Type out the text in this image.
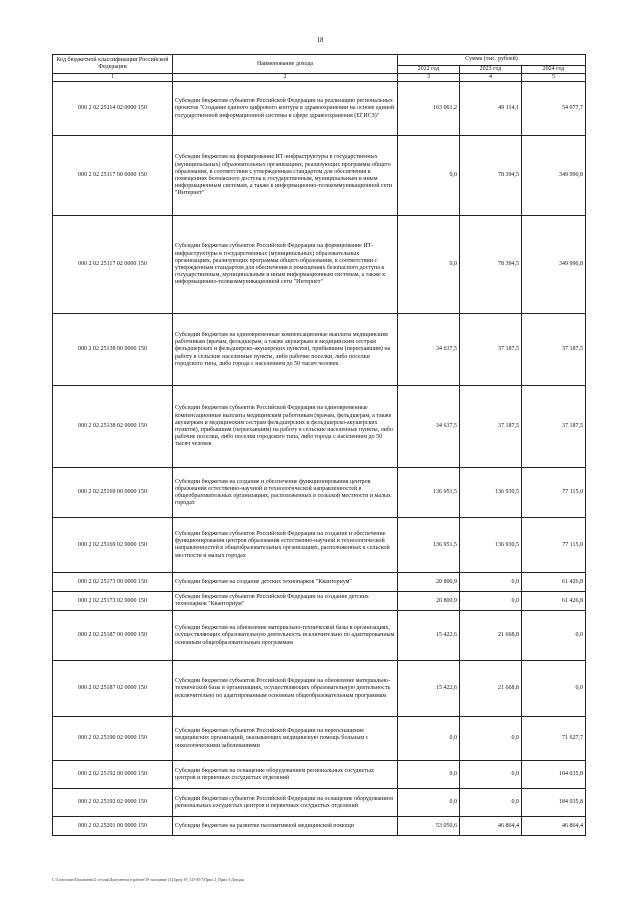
18
Код бюджетной классификации Российской Федерации	Наименование дохода	Сумма (тыс. рублей)		
		2022 год	2023 год	2024 год
1	2	3	4	5
000 2 02 25114 02 0000 150	Субсидии бюджетам субъектов Российской Федерации на реализацию региональных проектов "Создание единого цифрового контура в здравоохранении на основе единой государственной информационной системы в сфере здравоохранения (ЕГИСЗ)"	163 061,2	49 114,1	54 077,7
000 2 02 25117 00 0000 150	Субсидии бюджетам на формирование ИТ-инфраструктуры в государственных (муниципальных) образовательных организациях, реализующих программы общего образования, в соответствии с утвержденным стандартом для обеспечения в помещениях безопасного доступа к государственным, муниципальным и иным информационным системам, а также к информационно-телекоммуникационной сети "Интернет"	0,0	78 394,5	349 990,8
000 2 02 25117 02 0000 150	Субсидии бюджетам субъектов Российской Федерации на формирование ИТ-инфраструктуры в государственных (муниципальных) образовательных организациях, реализующих программы общего образования, в соответствии с утвержденным стандартом для обеспечения в помещениях безопасного доступа к государственным, муниципальным и иным информационным системам, а также к информационно-телекоммуникационной сети "Интернет"	0,0	78 394,5	349 990,8
000 2 02 25138 00 0000 150	Субсидии бюджетам на единовременные компенсационные выплаты медицинским работникам (врачам, фельдшерам, а также акушеркам и медицинским сестрам фельдшерских и фельдшерско-акушерских пунктов), прибывшим (переехавшим) на работу в сельские населенные пункты, либо рабочие поселки, либо поселки городского типа, либо города с населением до 50 тысяч человек	34 637,5	37 187,5	37 187,5
000 2 02 25138 02 0000 150	Субсидии бюджетам субъектов Российской Федерации на единовременные компенсационные выплаты медицинским работникам (врачам, фельдшерам, а также акушеркам и медицинским сестрам фельдшерских и фельдшерско-акушерских пунктов), прибывшим (переехавшим) на работу в сельские населенные пункты, либо рабочие поселки, либо поселки городского типа, либо города с населением до 50 тысяч человек	34 637,5	37 187,5	37 187,5
000 2 02 25169 00 0000 150	Субсидии бюджетам на создание и обеспечение функционирования центров образования естественно-научной и технологической направленностей в общеобразовательных организациях, расположенных в сельской местности и малых городах	136 951,5	136 930,5	77 115,0
000 2 02 25169 02 0000 150	Субсидии бюджетам субъектов Российской Федерации на создание и обеспечение функционирования центров образования естественно-научной и технологической направленностей в общеобразовательных организациях, расположенных в сельской местности и малых городах	136 951,5	136 930,5	77 115,0
000 2 02 25173 00 0000 150	Субсидии бюджетам на создание детских технопарков "Кванториум"	20 800,9	0,0	61 426,8
000 2 02 25173 02 0000 150	Субсидии бюджетам субъектов Российской Федерации на создание детских технопарков "Кванториум"	20 800,9	0,0	61 426,8
000 2 02 25187 00 0000 150	Субсидии бюджетам на обновление материально-технической базы в организациях, осуществляющих образовательную деятельность исключительно по адаптированным основным общеобразовательным программам	15 422,6	21 668,8	0,0
000 2 02 25187 02 0000 150	Субсидии бюджетам субъектов Российской Федерации на обновление материально-технической базы в организациях, осуществляющих образовательную деятельность исключительно по адаптированным основным общеобразовательным программам	15 422,6	21 668,8	0,0
000 2 02 25190 02 0000 150	Субсидии бюджетам субъектов Российской Федерации на переоснащение медицинских организаций, оказывающих медицинскую помощь больным с онкологическими заболеваниями	0,0	0,0	71 627,7
000 2 02 25192 00 0000 150	Субсидии бюджетам на оснащение оборудованием региональных сосудистых центров и первичных сосудистых отделений	0,0	0,0	184 035,8
000 2 02 25192 02 0000 150	Субсидии бюджетам субъектов Российской Федерации на оснащение оборудованием региональных сосудистых центров и первичных сосудистых отделений	0,0	0,0	184 035,8
000 2 02 25201 00 0000 150	Субсидии бюджетам на развитие паллиативной медицинской помощи	53 050,6	46 864,4	46 864,4
C:\Users\user\Documents\2 сессия\Документы в работе\19 заседание (12)\proj\19_313-П-7\Прил 2_Прил 5 Доходы
